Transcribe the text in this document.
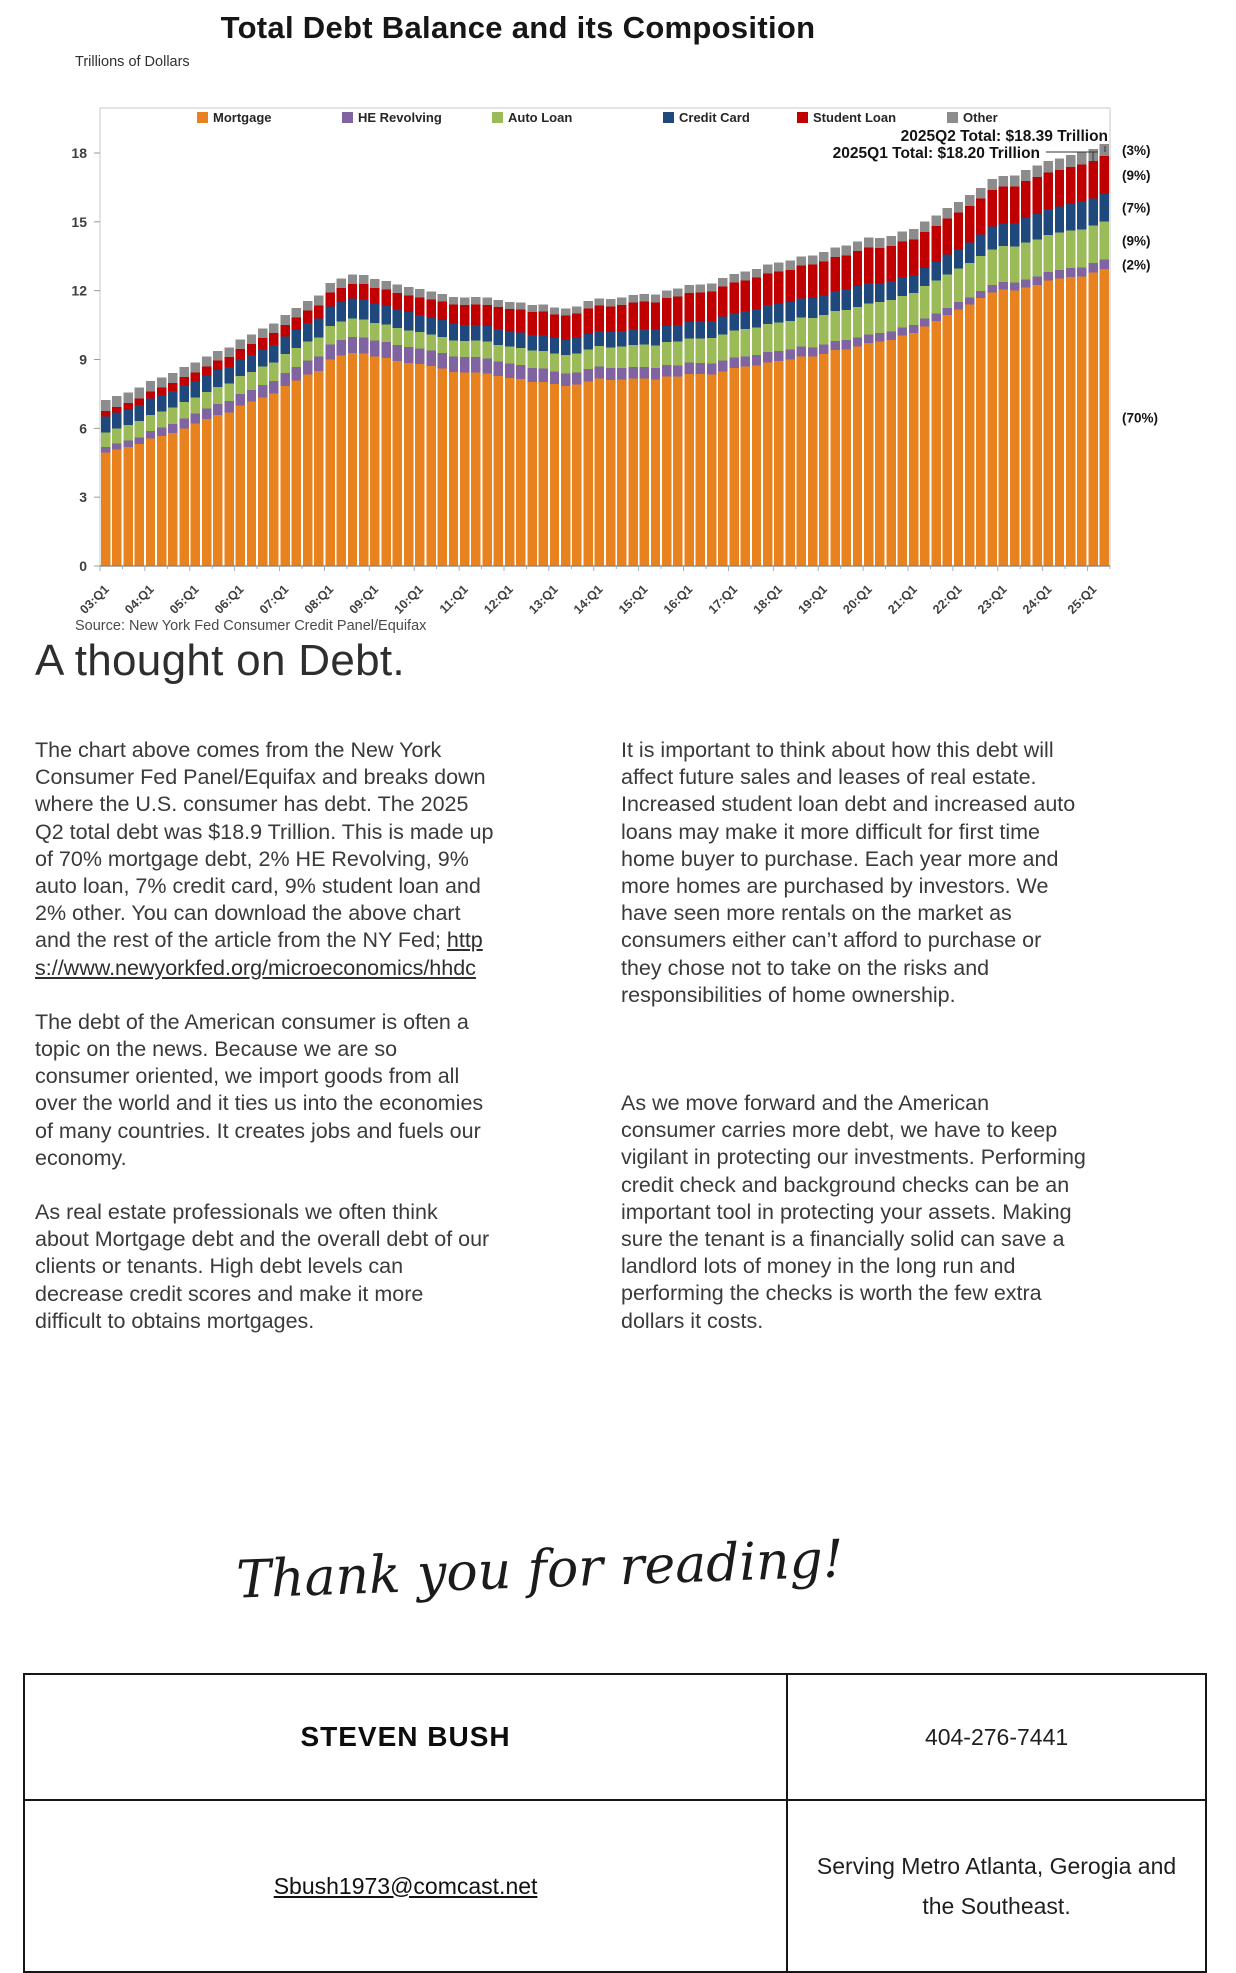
Total Debt Balance and its Composition
Trillions of Dollars
0
3
6
9
12
15
18
03:Q1 04:Q1 05:Q1 06:Q1 07:Q1 08:Q1 09:Q1 10:Q1 11:Q1 12:Q1 13:Q1 14:Q1 15:Q1 16:Q1 17:Q1 18:Q1 19:Q1 20:Q1 21:Q1 22:Q1 23:Q1 24:Q1 25:Q1
Mortgage	HE Revolving	Auto Loan	Credit Card	Student Loan	Other
2025Q2 Total: $18.39 Trillion
2025Q1 Total: $18.20 Trillion
(70%)
(2%)
(9%)
(7%)
(9%)
(3%)
Source: New York Fed Consumer Credit Panel/Equifax
A thought on Debt.

The chart above comes from the New York Consumer Fed Panel/Equifax and breaks down where the U.S. consumer has debt. The 2025 Q2 total debt was $18.9 Trillion. This is made up of 70% mortgage debt, 2% HE Revolving, 9% auto loan, 7% credit card, 9% student loan and 2% other. You can download the above chart and the rest of the article from the NY Fed; https://www.newyorkfed.org/microeconomics/hhdc

The debt of the American consumer is often a topic on the news. Because we are so consumer oriented, we import goods from all over the world and it ties us into the economies of many countries. It creates jobs and fuels our economy.

As real estate professionals we often think about Mortgage debt and the overall debt of our clients or tenants. High debt levels can decrease credit scores and make it more difficult to obtains mortgages.

It is important to think about how this debt will affect future sales and leases of real estate. Increased student loan debt and increased auto loans may make it more difficult for first time home buyer to purchase. Each year more and more homes are purchased by investors. We have seen more rentals on the market as consumers either can’t afford to purchase or they chose not to take on the risks and responsibilities of home ownership.

As we move forward and the American consumer carries more debt, we have to keep vigilant in protecting our investments. Performing credit check and background checks can be an important tool in protecting your assets. Making sure the tenant is a financially solid can save a landlord lots of money in the long run and performing the checks is worth the few extra dollars it costs.

Thank you for reading!
STEVEN BUSH	404-276-7441
Sbush1973@comcast.net	Serving Metro Atlanta, Gerogia and the Southeast.
